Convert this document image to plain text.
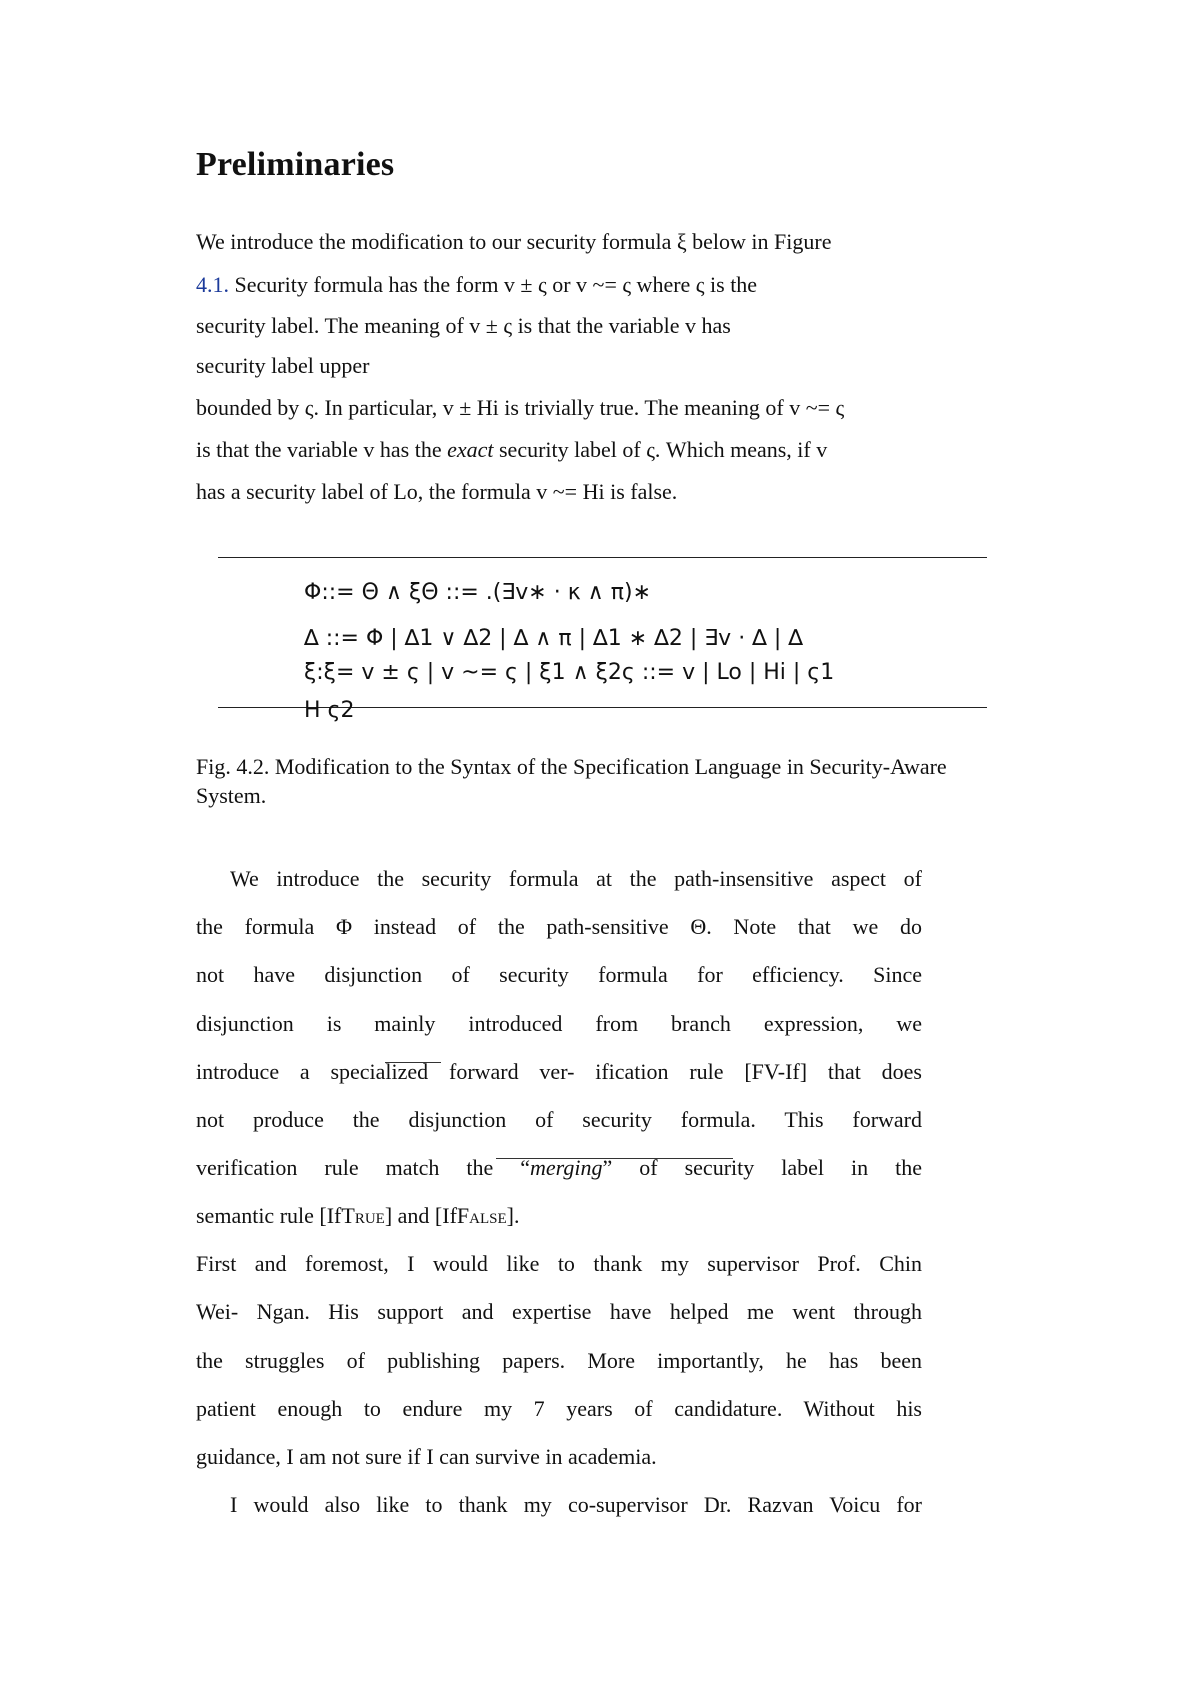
Preliminaries
We introduce the modification to our security formula ξ below in Figure
4.1. Security formula has the form v ± ς or v ~= ς where ς is the
security label. The meaning of v ± ς is that the variable v has
security label upper
bounded by ς. In particular, v ± Hi is trivially true. The meaning of v ~= ς
is that the variable v has the exact security label of ς. Which means, if v
has a security label of Lo, the formula v ~= Hi is false.
Φ::= Θ ∧ ξΘ ::= .(∃v∗ · κ ∧ π)∗
∆ ::= Φ | ∆1 ∨ ∆2 | ∆ ∧ π | ∆1 ∗ ∆2 | ∃v · ∆ | ∆
ξ:ξ= v ± ς | v ~= ς | ξ1 ∧ ξ2ς ::= v | Lo | Hi | ς1
H ς2

Fig. 4.2. Modification to the Syntax of the Specification Language in Security-Aware System.

We introduce the security formula at the path-insensitive aspect of
the formula Φ instead of the path-sensitive Θ. Note that we do
not have disjunction of security formula for efficiency. Since
disjunction is mainly introduced from branch expression, we
introduce a specialized forward ver- ification rule [FV-If] that does
not produce the disjunction of security formula. This forward
verification rule match the “merging” of security label in the
semantic rule [IfTrue] and [IfFalse].
First and foremost, I would like to thank my supervisor Prof. Chin
Wei- Ngan. His support and expertise have helped me went through
the struggles of publishing papers. More importantly, he has been
patient enough to endure my 7 years of candidature. Without his
guidance, I am not sure if I can survive in academia.
I would also like to thank my co-supervisor Dr. Razvan Voicu for
